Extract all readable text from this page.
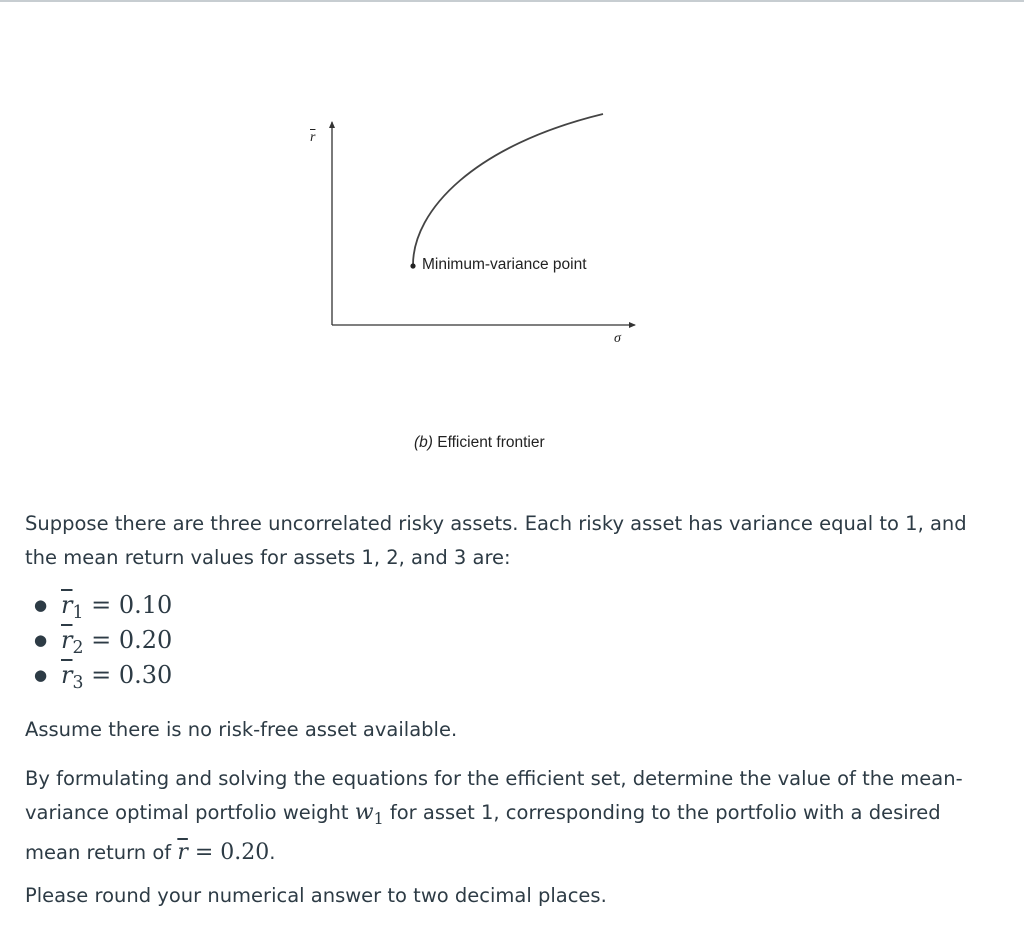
$\overline{r}$
Minimum-variance point
σ
(b) Efficient frontier

Suppose there are three uncorrelated risky assets. Each risky asset has variance equal to 1, and the mean return values for assets 1, 2, and 3 are:

● $\overline{r}_1 = 0.10$
● $\overline{r}_2 = 0.20$
● $\overline{r}_3 = 0.30$

Assume there is no risk-free asset available.

By formulating and solving the equations for the efficient set, determine the value of the mean-variance optimal portfolio weight $w_1$ for asset 1, corresponding to the portfolio with a desired mean return of $\overline{r} = 0.20$.

Please round your numerical answer to two decimal places.
